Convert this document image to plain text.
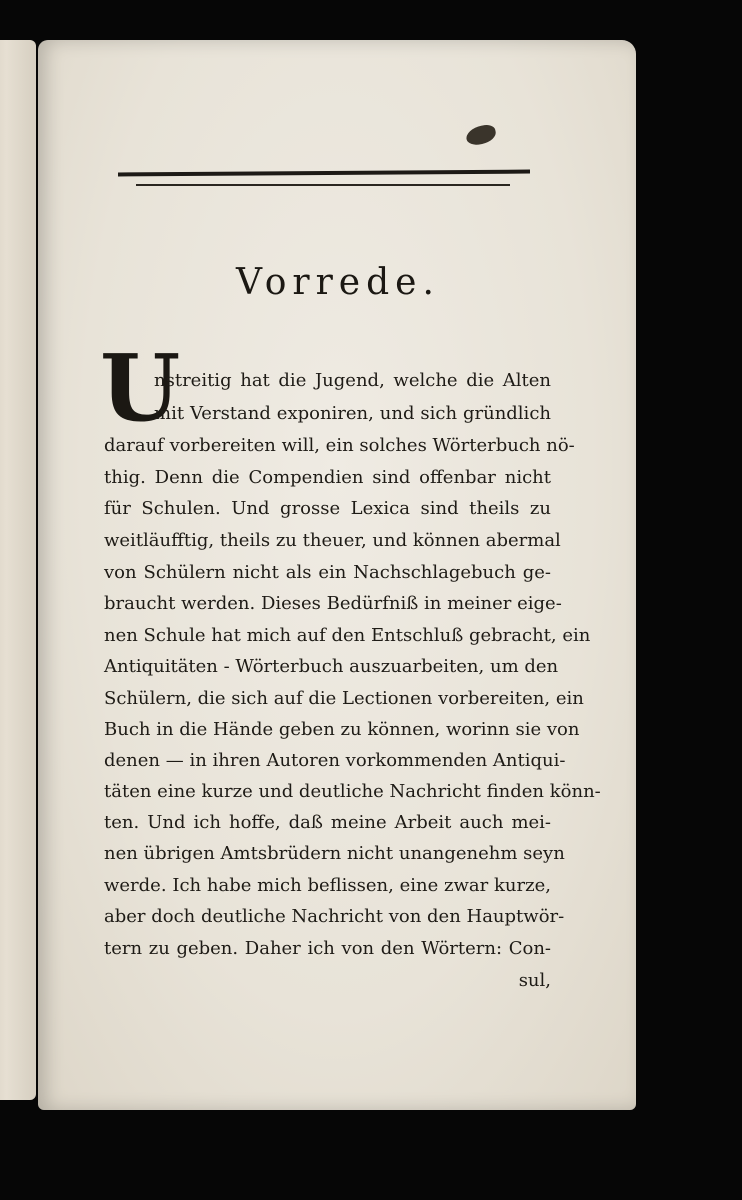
Vorrede.
U
nstreitig hat die Jugend, welche die Alten
mit Verstand exponiren, und sich gründlich
darauf vorbereiten will, ein solches Wörterbuch nö-
thig. Denn die Compendien sind offenbar nicht
für Schulen. Und grosse Lexica sind theils zu
weitläufftig, theils zu theuer, und können abermal
von Schülern nicht als ein Nachschlagebuch ge-
braucht werden. Dieses Bedürfniß in meiner eige-
nen Schule hat mich auf den Entschluß gebracht, ein
Antiquitäten - Wörterbuch auszuarbeiten, um den
Schülern, die sich auf die Lectionen vorbereiten, ein
Buch in die Hände geben zu können, worinn sie von
denen — in ihren Autoren vorkommenden Antiqui-
täten eine kurze und deutliche Nachricht finden könn-
ten. Und ich hoffe, daß meine Arbeit auch mei-
nen übrigen Amtsbrüdern nicht unangenehm seyn
werde. Ich habe mich beflissen, eine zwar kurze,
aber doch deutliche Nachricht von den Hauptwör-
tern zu geben. Daher ich von den Wörtern: Con-
sul,
